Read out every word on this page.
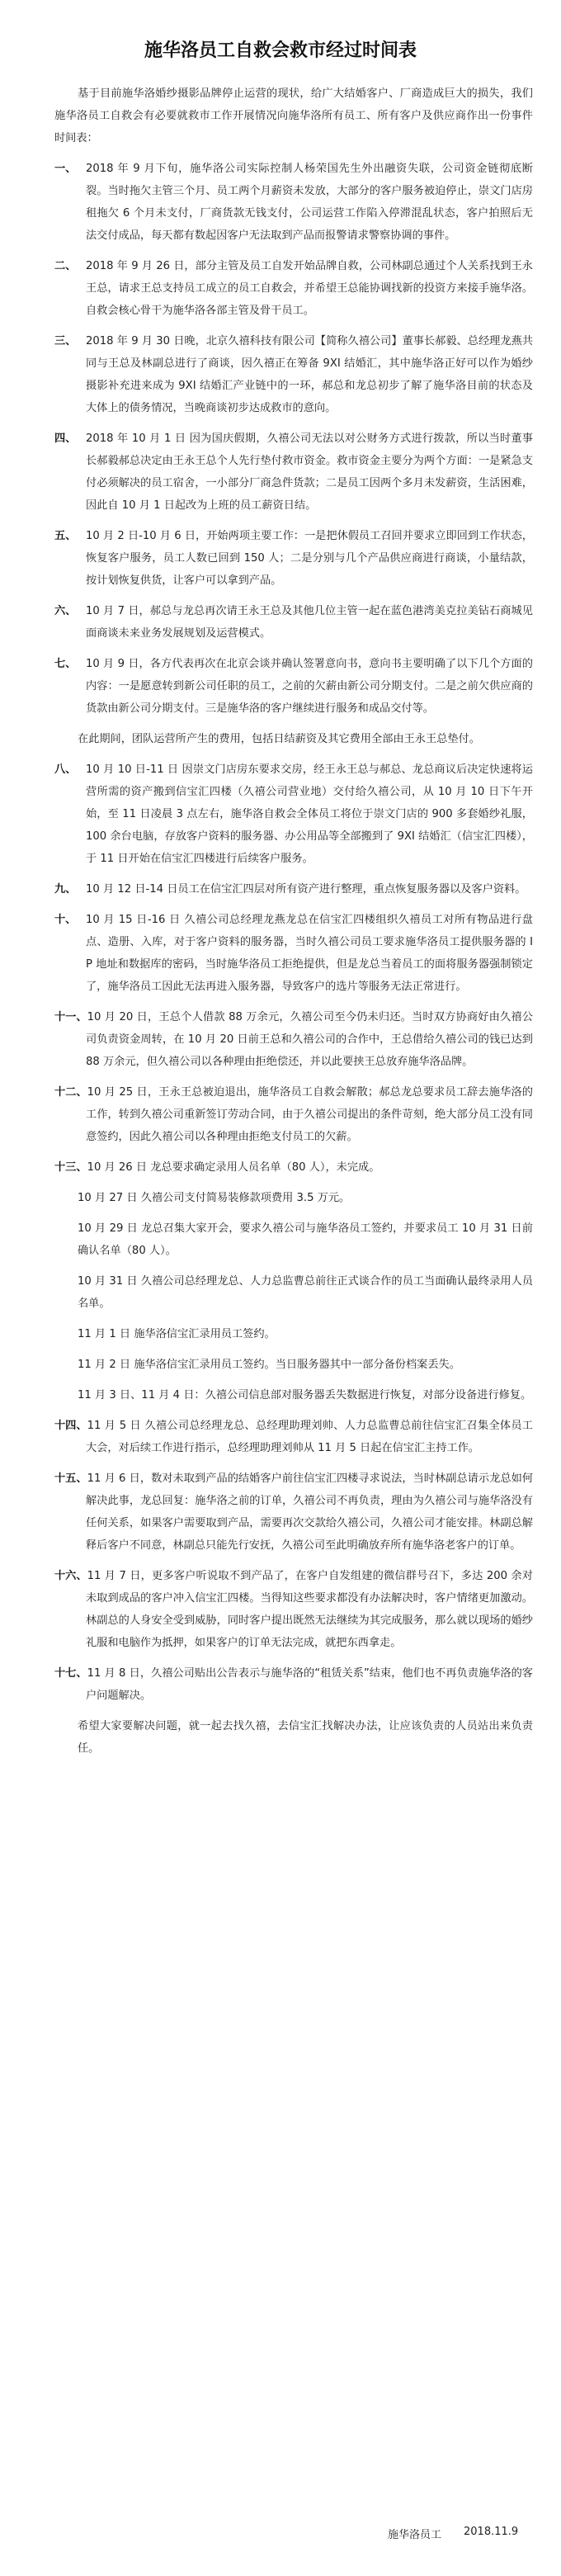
施华洛员工自救会救市经过时间表

基于目前施华洛婚纱摄影品牌停止运营的现状，给广大结婚客户、厂商造成巨大的损失，我们施华洛员工自救会有必要就救市工作开展情况向施华洛所有员工、所有客户及供应商作出一份事件时间表：

一、 2018 年 9 月下旬，施华洛公司实际控制人杨荣国先生外出融资失联，公司资金链彻底断裂。当时拖欠主管三个月、员工两个月薪资未发放，大部分的客户服务被迫停止，崇文门店房租拖欠 6 个月未支付，厂商货款无钱支付，公司运营工作陷入停滞混乱状态，客户拍照后无法交付成品，每天都有数起因客户无法取到产品而报警请求警察协调的事件。

二、 2018 年 9 月 26 日，部分主管及员工自发开始品牌自救，公司林副总通过个人关系找到王永王总，请求王总支持员工成立的员工自救会，并希望王总能协调找新的投资方来接手施华洛。自救会核心骨干为施华洛各部主管及骨干员工。

三、 2018 年 9 月 30 日晚，北京久禧科技有限公司【简称久禧公司】董事长郝毅、总经理龙燕共同与王总及林副总进行了商谈，因久禧正在筹备 9XI 结婚汇，其中施华洛正好可以作为婚纱摄影补充进来成为 9XI 结婚汇产业链中的一环，郝总和龙总初步了解了施华洛目前的状态及大体上的债务情况，当晚商谈初步达成救市的意向。

四、 2018 年 10 月 1 日 因为国庆假期，久禧公司无法以对公财务方式进行拨款，所以当时董事长郝毅郝总决定由王永王总个人先行垫付救市资金。救市资金主要分为两个方面：一是紧急支付必须解决的员工宿舍，一小部分厂商急件货款；二是员工因两个多月未发薪资，生活困难，因此自 10 月 1 日起改为上班的员工薪资日结。

五、 10 月 2 日-10 月 6 日，开始两项主要工作：一是把休假员工召回并要求立即回到工作状态，恢复客户服务，员工人数已回到 150 人；二是分别与几个产品供应商进行商谈，小量结款，按计划恢复供货，让客户可以拿到产品。

六、 10 月 7 日，郝总与龙总再次请王永王总及其他几位主管一起在蓝色港湾美克拉美钻石商城见面商谈未来业务发展规划及运营模式。

七、 10 月 9 日，各方代表再次在北京会谈并确认签署意向书，意向书主要明确了以下几个方面的内容：一是愿意转到新公司任职的员工，之前的欠薪由新公司分期支付。二是之前欠供应商的货款由新公司分期支付。三是施华洛的客户继续进行服务和成品交付等。

在此期间，团队运营所产生的费用，包括日结薪资及其它费用全部由王永王总垫付。

八、 10 月 10 日-11 日 因崇文门店房东要求交房，经王永王总与郝总、龙总商议后决定快速将运营所需的资产搬到信宝汇四楼（久禧公司营业地）交付给久禧公司，从 10 月 10 日下午开始，至 11 日凌晨 3 点左右，施华洛自救会全体员工将位于崇文门店的 900 多套婚纱礼服，100 余台电脑，存放客户资料的服务器、办公用品等全部搬到了 9XI 结婚汇（信宝汇四楼），于 11 日开始在信宝汇四楼进行后续客户服务。

九、 10 月 12 日-14 日员工在信宝汇四层对所有资产进行整理，重点恢复服务器以及客户资料。

十、 10 月 15 日-16 日 久禧公司总经理龙燕龙总在信宝汇四楼组织久禧员工对所有物品进行盘点、造册、入库，对于客户资料的服务器，当时久禧公司员工要求施华洛员工提供服务器的 IP 地址和数据库的密码，当时施华洛员工拒绝提供，但是龙总当着员工的面将服务器强制锁定了，施华洛员工因此无法再进入服务器，导致客户的选片等服务无法正常进行。

十一、10 月 20 日，王总个人借款 88 万余元，久禧公司至今仍未归还。当时双方协商好由久禧公司负责资金周转，在 10 月 20 日前王总和久禧公司的合作中，王总借给久禧公司的钱已达到 88 万余元，但久禧公司以各种理由拒绝偿还，并以此要挟王总放弃施华洛品牌。

十二、10 月 25 日，王永王总被迫退出，施华洛员工自救会解散；郝总龙总要求员工辞去施华洛的工作，转到久禧公司重新签订劳动合同，由于久禧公司提出的条件苛刻，绝大部分员工没有同意签约，因此久禧公司以各种理由拒绝支付员工的欠薪。

十三、10 月 26 日 龙总要求确定录用人员名单（80 人），未完成。

10 月 27 日 久禧公司支付简易装修款项费用 3.5 万元。

10 月 29 日 龙总召集大家开会，要求久禧公司与施华洛员工签约，并要求员工 10 月 31 日前确认名单（80 人）。

10 月 31 日 久禧公司总经理龙总、人力总监曹总前往正式谈合作的员工当面确认最终录用人员名单。

11 月 1 日 施华洛信宝汇录用员工签约。

11 月 2 日 施华洛信宝汇录用员工签约。当日服务器其中一部分备份档案丢失。

11 月 3 日、11 月 4 日：久禧公司信息部对服务器丢失数据进行恢复，对部分设备进行修复。

十四、11 月 5 日 久禧公司总经理龙总、总经理助理刘帅、人力总监曹总前往信宝汇召集全体员工大会，对后续工作进行指示，总经理助理刘帅从 11 月 5 日起在信宝汇主持工作。

十五、11 月 6 日，数对未取到产品的结婚客户前往信宝汇四楼寻求说法，当时林副总请示龙总如何解决此事，龙总回复：施华洛之前的订单，久禧公司不再负责，理由为久禧公司与施华洛没有任何关系，如果客户需要取到产品，需要再次交款给久禧公司，久禧公司才能安排。林副总解释后客户不同意，林副总只能先行安抚，久禧公司至此明确放弃所有施华洛老客户的订单。

十六、11 月 7 日，更多客户听说取不到产品了，在客户自发组建的微信群号召下，多达 200 余对未取到成品的客户冲入信宝汇四楼。当得知这些要求都没有办法解决时，客户情绪更加激动。林副总的人身安全受到威胁，同时客户提出既然无法继续为其完成服务，那么就以现场的婚纱礼服和电脑作为抵押，如果客户的订单无法完成，就把东西拿走。

十七、11 月 8 日，久禧公司贴出公告表示与施华洛的“租赁关系”结束，他们也不再负责施华洛的客户问题解决。

希望大家要解决问题，就一起去找久禧，去信宝汇找解决办法，让应该负责的人员站出来负责任。

施华洛员工 2018.11.9
